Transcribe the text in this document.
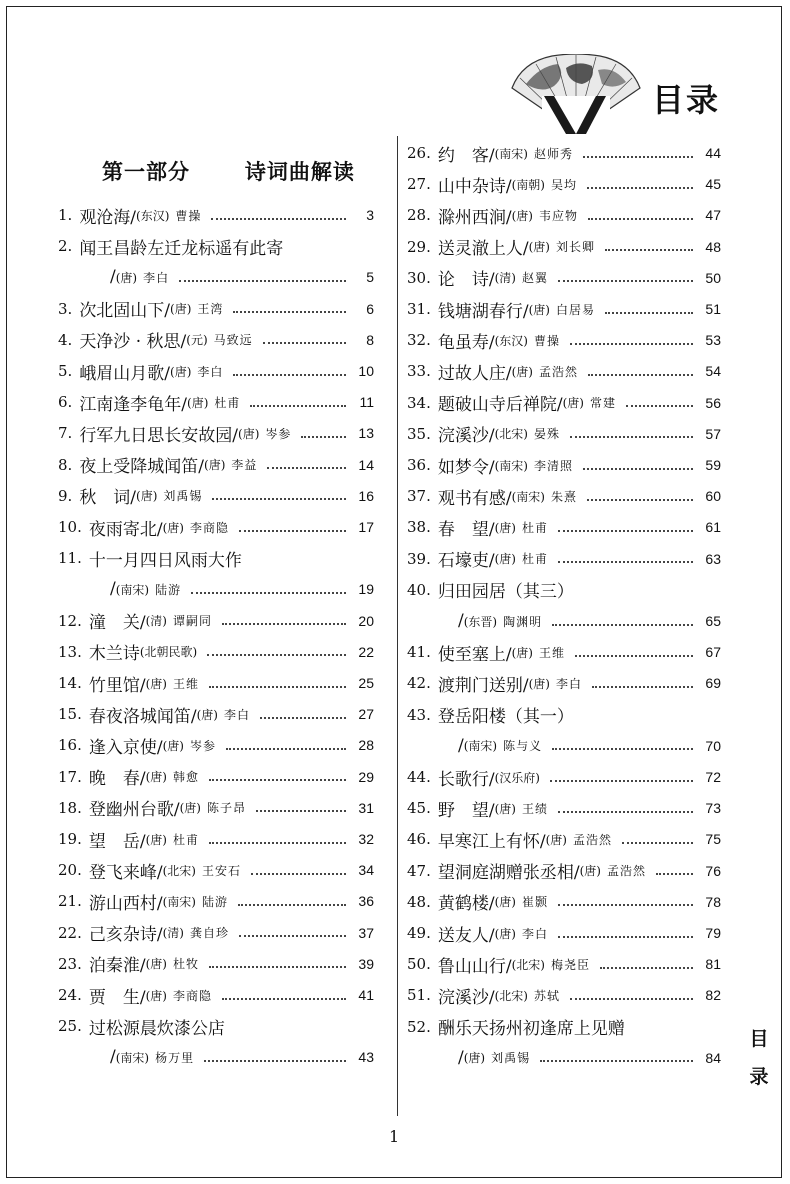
目录
第一部分   诗词曲解读
1. 观沧海/ (东汉) 曹操	3
2. 闻王昌龄左迁龙标遥有此寄
/ (唐) 李白	5
3. 次北固山下/ (唐) 王湾	6
4. 天净沙 · 秋思/ (元) 马致远	8
5. 峨眉山月歌/ (唐) 李白	10
6. 江南逢李龟年/ (唐) 杜甫	11
7. 行军九日思长安故园/ (唐) 岑参	13
8. 夜上受降城闻笛/ (唐) 李益	14
9. 秋　词/ (唐) 刘禹锡	16
10. 夜雨寄北/ (唐) 李商隐	17
11. 十一月四日风雨大作
/ (南宋) 陆游	19
12. 潼　关/ (清) 谭嗣同	20
13. 木兰诗 (北朝民歌)	22
14. 竹里馆/ (唐) 王维	25
15. 春夜洛城闻笛/ (唐) 李白	27
16. 逢入京使/ (唐) 岑参	28
17. 晚　春/ (唐) 韩愈	29
18. 登幽州台歌/ (唐) 陈子昂	31
19. 望　岳/ (唐) 杜甫	32
20. 登飞来峰/ (北宋) 王安石	34
21. 游山西村/ (南宋) 陆游	36
22. 己亥杂诗/ (清) 龚自珍	37
23. 泊秦淮/ (唐) 杜牧	39
24. 贾　生/ (唐) 李商隐	41
25. 过松源晨炊漆公店
/ (南宋) 杨万里	43
26. 约　客/ (南宋) 赵师秀	44
27. 山中杂诗/ (南朝) 吴均	45
28. 滁州西涧/ (唐) 韦应物	47
29. 送灵澈上人/ (唐) 刘长卿	48
30. 论　诗/ (清) 赵翼	50
31. 钱塘湖春行/ (唐) 白居易	51
32. 龟虽寿/ (东汉) 曹操	53
33. 过故人庄/ (唐) 孟浩然	54
34. 题破山寺后禅院/ (唐) 常建	56
35. 浣溪沙/ (北宋) 晏殊	57
36. 如梦令/ (南宋) 李清照	59
37. 观书有感/ (南宋) 朱熹	60
38. 春　望/ (唐) 杜甫	61
39. 石壕吏/ (唐) 杜甫	63
40. 归田园居（其三）
/ (东晋) 陶渊明	65
41. 使至塞上/ (唐) 王维	67
42. 渡荆门送别/ (唐) 李白	69
43. 登岳阳楼（其一）
/ (南宋) 陈与义	70
44. 长歌行/ (汉乐府)	72
45. 野　望/ (唐) 王绩	73
46. 早寒江上有怀/ (唐) 孟浩然	75
47. 望洞庭湖赠张丞相/ (唐) 孟浩然	76
48. 黄鹤楼/ (唐) 崔颢	78
49. 送友人/ (唐) 李白	79
50. 鲁山山行/ (北宋) 梅尧臣	81
51. 浣溪沙/ (北宋) 苏轼	82
52. 酬乐天扬州初逢席上见赠
/ (唐) 刘禹锡	84
目
录
1
